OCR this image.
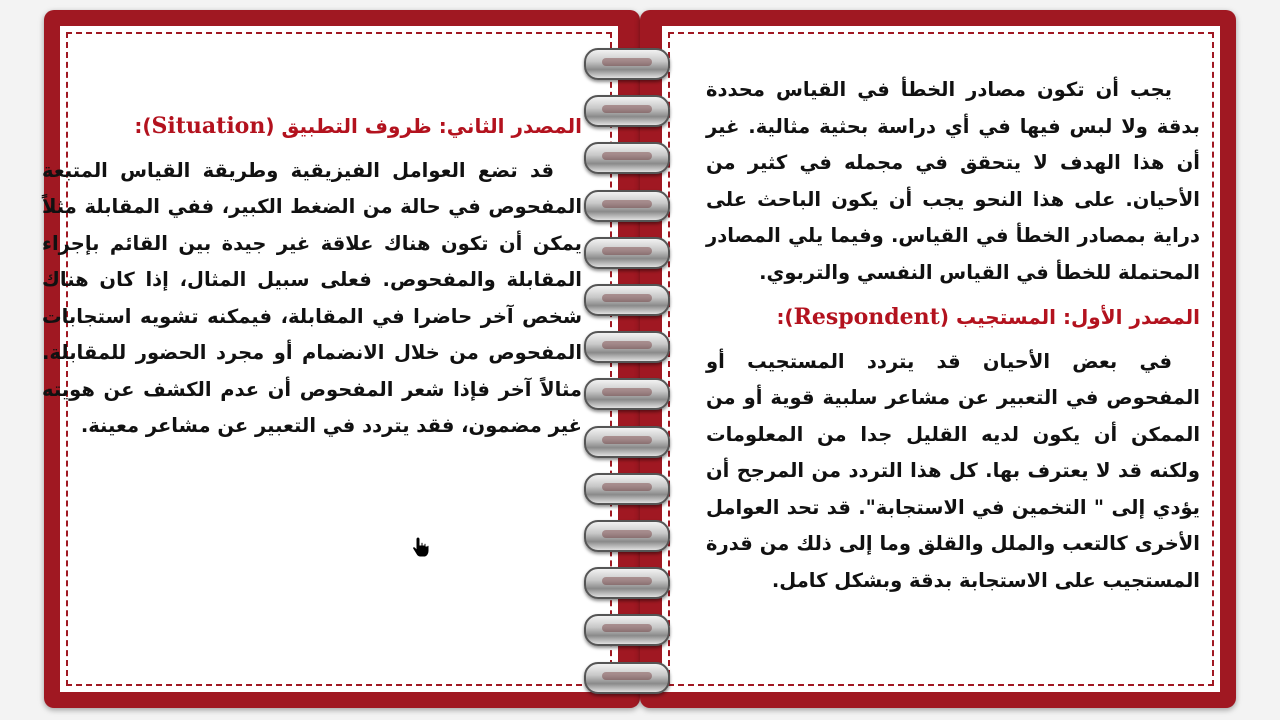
المصدر الثاني: ظروف التطبيق (Situation):

قد تضع العوامل الفيزيقية وطريقة القياس المتبعة المفحوص في حالة من الضغط الكبير، ففي المقابلة مثلاً يمكن أن تكون هناك علاقة غير جيدة بين القائم بإجراء المقابلة والمفحوص. فعلى سبيل المثال، إذا كان هناك شخص آخر حاضرا في المقابلة، فيمكنه تشويه استجابات المفحوص من خلال الانضمام أو مجرد الحضور للمقابلة. مثالاً آخر فإذا شعر المفحوص أن عدم الكشف عن هويته غير مضمون، فقد يتردد في التعبير عن مشاعر معينة.

يجب أن تكون مصادر الخطأ في القياس محددة بدقة ولا لبس فيها في أي دراسة بحثية مثالية. غير أن هذا الهدف لا يتحقق في مجمله في كثير من الأحيان. على هذا النحو يجب أن يكون الباحث على دراية بمصادر الخطأ في القياس. وفيما يلي المصادر المحتملة للخطأ في القياس النفسي والتربوي.

المصدر الأول: المستجيب (Respondent):

في بعض الأحيان قد يتردد المستجيب أو المفحوص في التعبير عن مشاعر سلبية قوية أو من الممكن أن يكون لديه القليل جدا من المعلومات ولكنه قد لا يعترف بها. كل هذا التردد من المرجح أن يؤدي إلى " التخمين في الاستجابة". قد تحد العوامل الأخرى كالتعب والملل والقلق وما إلى ذلك من قدرة المستجيب على الاستجابة بدقة وبشكل كامل.
